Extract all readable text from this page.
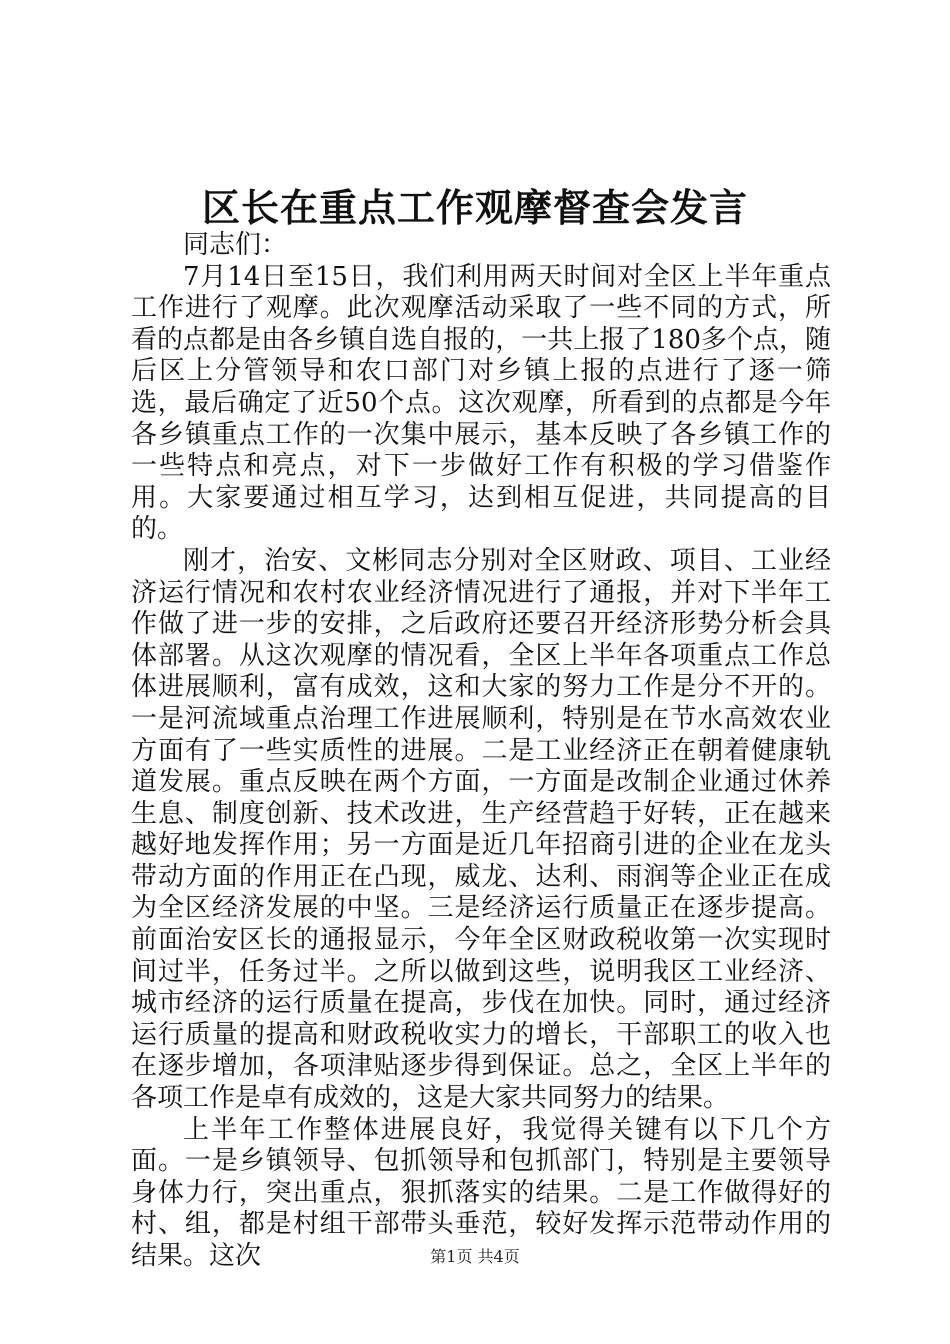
区长在重点工作观摩督查会发言

同志们：

7月14日至15日，我们利用两天时间对全区上半年重点工作进行了观摩。此次观摩活动采取了一些不同的方式，所看的点都是由各乡镇自选自报的，一共上报了180多个点，随后区上分管领导和农口部门对乡镇上报的点进行了逐一筛选，最后确定了近50个点。这次观摩，所看到的点都是今年各乡镇重点工作的一次集中展示，基本反映了各乡镇工作的一些特点和亮点，对下一步做好工作有积极的学习借鉴作用。大家要通过相互学习，达到相互促进，共同提高的目的。

刚才，治安、文彬同志分别对全区财政、项目、工业经济运行情况和农村农业经济情况进行了通报，并对下半年工作做了进一步的安排，之后政府还要召开经济形势分析会具体部署。从这次观摩的情况看，全区上半年各项重点工作总体进展顺利，富有成效，这和大家的努力工作是分不开的。一是河流域重点治理工作进展顺利，特别是在节水高效农业方面有了一些实质性的进展。二是工业经济正在朝着健康轨道发展。重点反映在两个方面，一方面是改制企业通过休养生息、制度创新、技术改进，生产经营趋于好转，正在越来越好地发挥作用；另一方面是近几年招商引进的企业在龙头带动方面的作用正在凸现，威龙、达利、雨润等企业正在成为全区经济发展的中坚。三是经济运行质量正在逐步提高。前面治安区长的通报显示，今年全区财政税收第一次实现时间过半，任务过半。之所以做到这些，说明我区工业经济、城市经济的运行质量在提高，步伐在加快。同时，通过经济运行质量的提高和财政税收实力的增长，干部职工的收入也在逐步增加，各项津贴逐步得到保证。总之，全区上半年的各项工作是卓有成效的，这是大家共同努力的结果。

上半年工作整体进展良好，我觉得关键有以下几个方面。一是乡镇领导、包抓领导和包抓部门，特别是主要领导身体力行，突出重点，狠抓落实的结果。二是工作做得好的村、组，都是村组干部带头垂范，较好发挥示范带动作用的结果。这次	第1页 共4页
